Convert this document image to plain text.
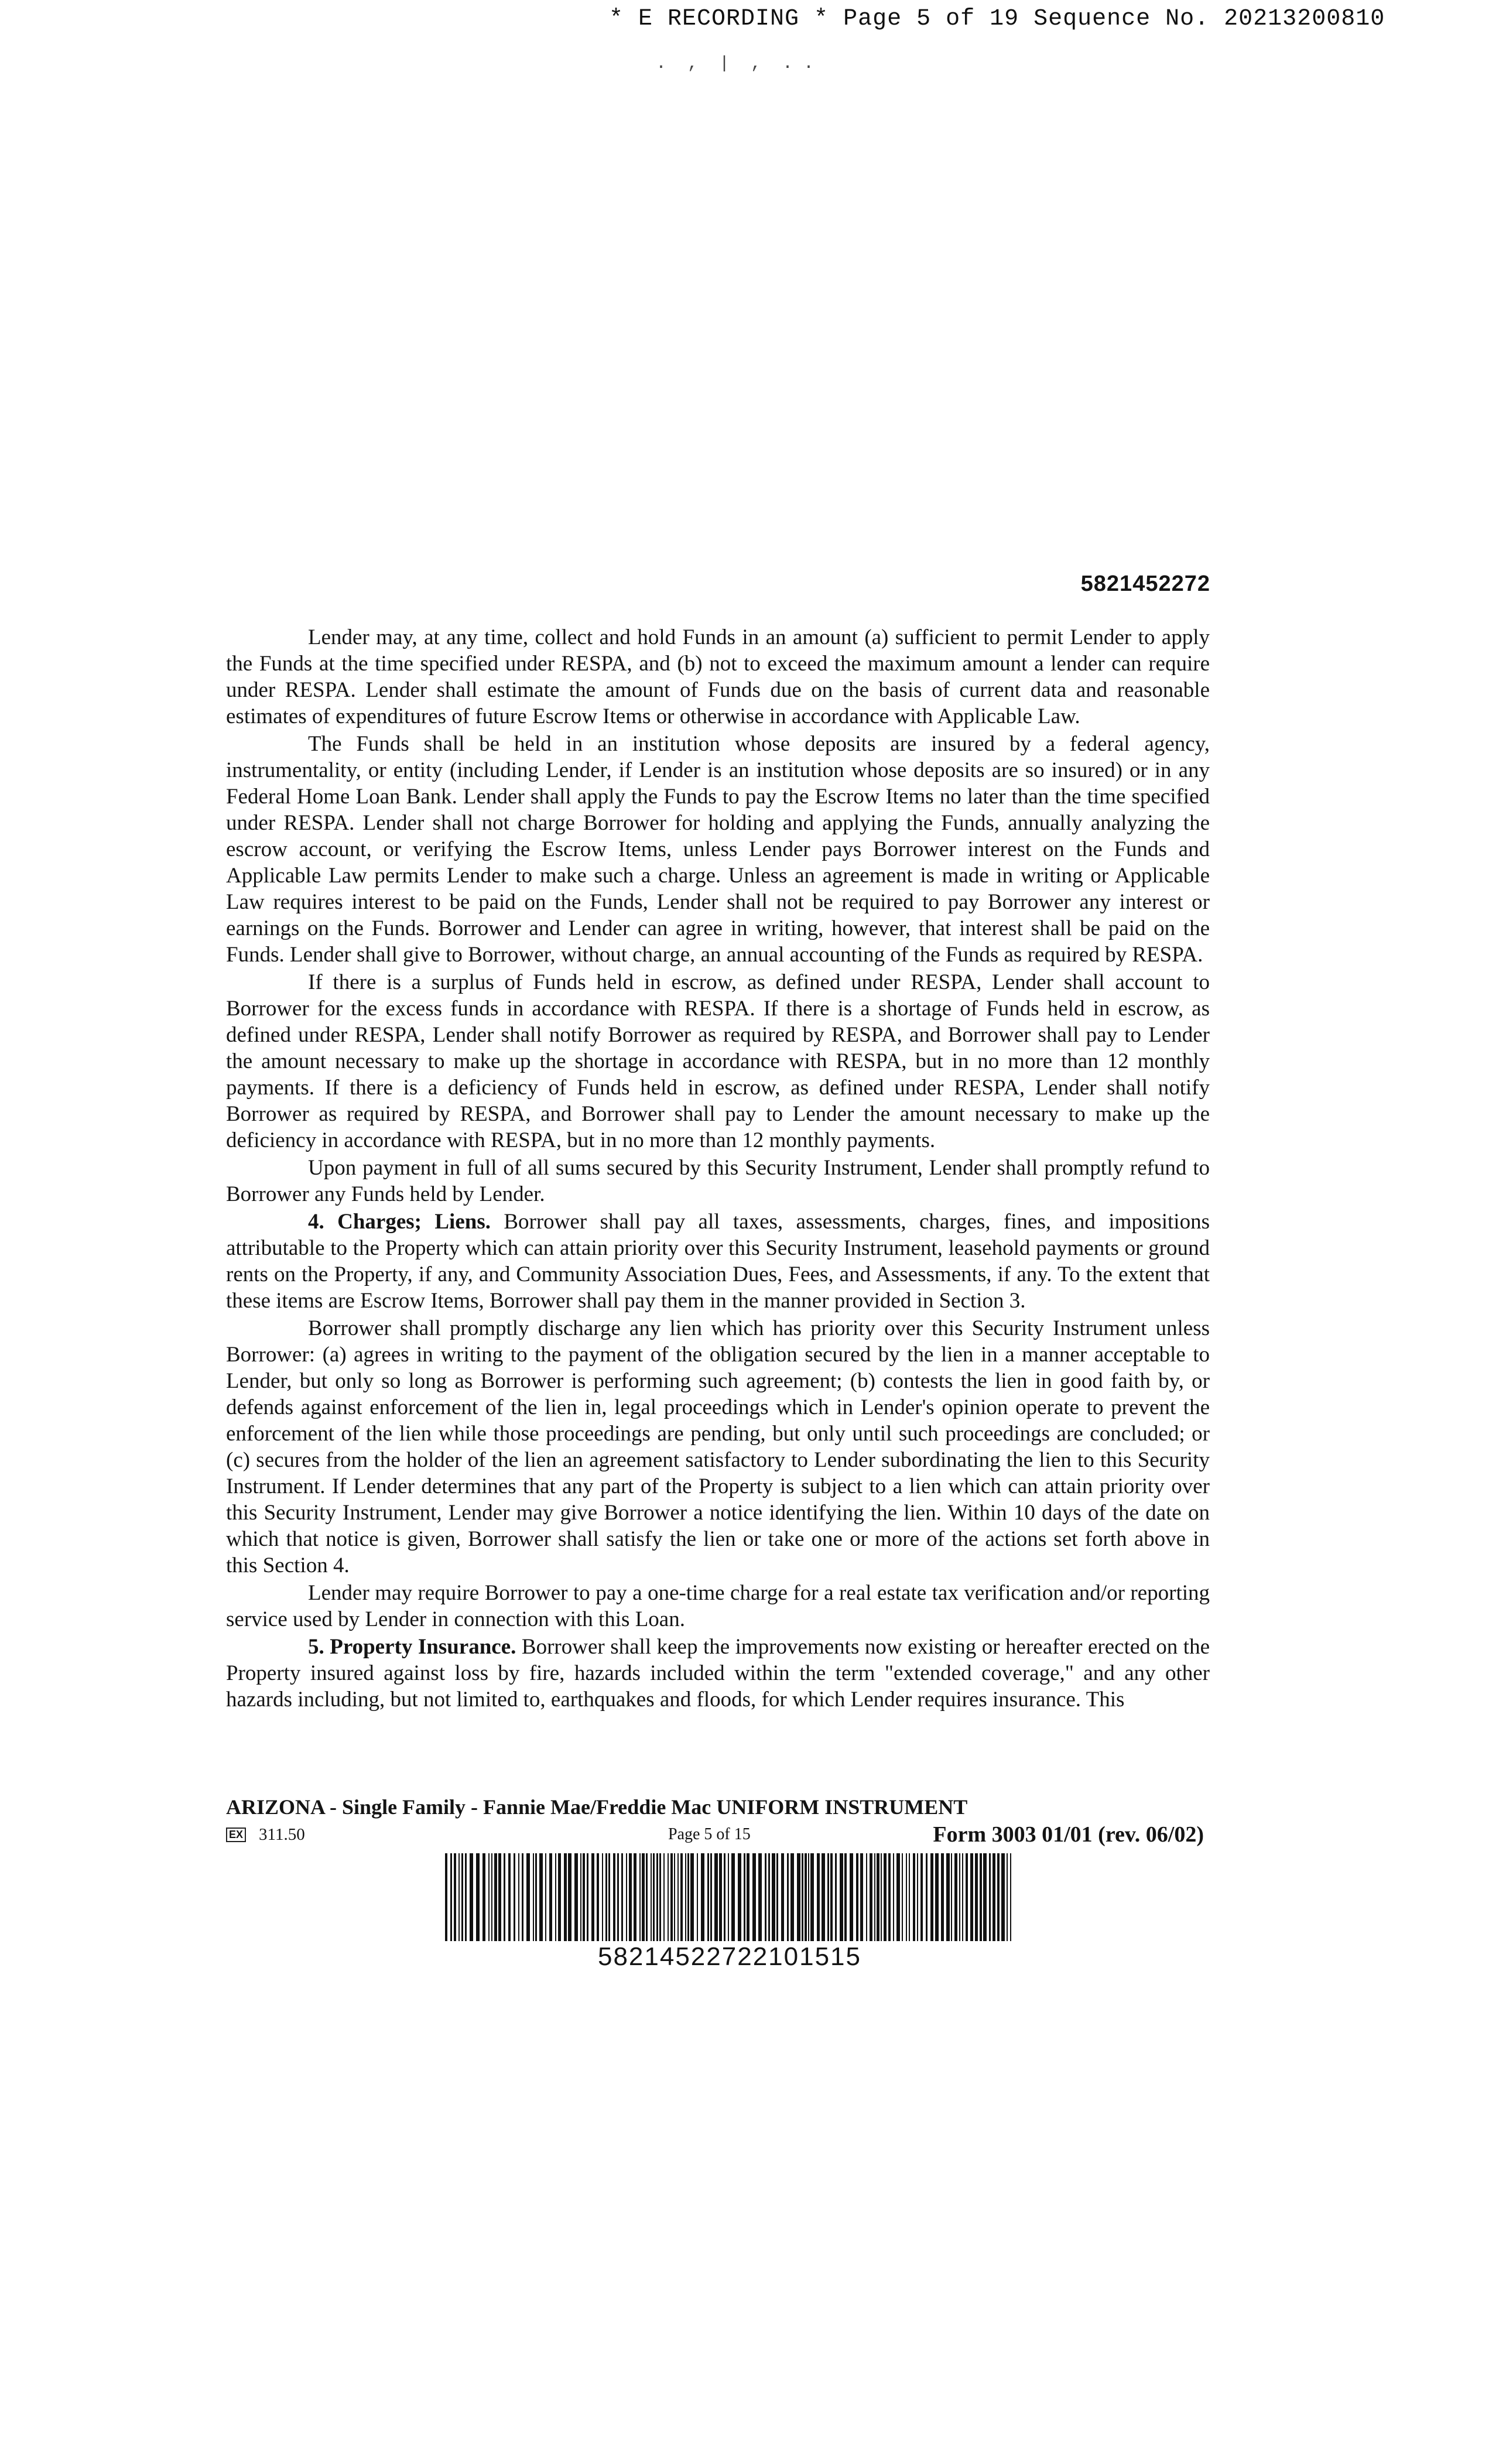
* E RECORDING * Page 5 of 19 Sequence No. 20213200810
.  ,  |  ,  . .
5821452272

Lender may, at any time, collect and hold Funds in an amount (a) sufficient to permit Lender to apply the Funds at the time specified under RESPA, and (b) not to exceed the maximum amount a lender can require under RESPA. Lender shall estimate the amount of Funds due on the basis of current data and reasonable estimates of expenditures of future Escrow Items or otherwise in accordance with Applicable Law.

The Funds shall be held in an institution whose deposits are insured by a federal agency, instrumentality, or entity (including Lender, if Lender is an institution whose deposits are so insured) or in any Federal Home Loan Bank. Lender shall apply the Funds to pay the Escrow Items no later than the time specified under RESPA. Lender shall not charge Borrower for holding and applying the Funds, annually analyzing the escrow account, or verifying the Escrow Items, unless Lender pays Borrower interest on the Funds and Applicable Law permits Lender to make such a charge. Unless an agreement is made in writing or Applicable Law requires interest to be paid on the Funds, Lender shall not be required to pay Borrower any interest or earnings on the Funds. Borrower and Lender can agree in writing, however, that interest shall be paid on the Funds. Lender shall give to Borrower, without charge, an annual accounting of the Funds as required by RESPA.

If there is a surplus of Funds held in escrow, as defined under RESPA, Lender shall account to Borrower for the excess funds in accordance with RESPA. If there is a shortage of Funds held in escrow, as defined under RESPA, Lender shall notify Borrower as required by RESPA, and Borrower shall pay to Lender the amount necessary to make up the shortage in accordance with RESPA, but in no more than 12 monthly payments. If there is a deficiency of Funds held in escrow, as defined under RESPA, Lender shall notify Borrower as required by RESPA, and Borrower shall pay to Lender the amount necessary to make up the deficiency in accordance with RESPA, but in no more than 12 monthly payments.

Upon payment in full of all sums secured by this Security Instrument, Lender shall promptly refund to Borrower any Funds held by Lender.

4. Charges; Liens. Borrower shall pay all taxes, assessments, charges, fines, and impositions attributable to the Property which can attain priority over this Security Instrument, leasehold payments or ground rents on the Property, if any, and Community Association Dues, Fees, and Assessments, if any. To the extent that these items are Escrow Items, Borrower shall pay them in the manner provided in Section 3.

Borrower shall promptly discharge any lien which has priority over this Security Instrument unless Borrower: (a) agrees in writing to the payment of the obligation secured by the lien in a manner acceptable to Lender, but only so long as Borrower is performing such agreement; (b) contests the lien in good faith by, or defends against enforcement of the lien in, legal proceedings which in Lender's opinion operate to prevent the enforcement of the lien while those proceedings are pending, but only until such proceedings are concluded; or (c) secures from the holder of the lien an agreement satisfactory to Lender subordinating the lien to this Security Instrument. If Lender determines that any part of the Property is subject to a lien which can attain priority over this Security Instrument, Lender may give Borrower a notice identifying the lien. Within 10 days of the date on which that notice is given, Borrower shall satisfy the lien or take one or more of the actions set forth above in this Section 4.

Lender may require Borrower to pay a one-time charge for a real estate tax verification and/or reporting service used by Lender in connection with this Loan.

5. Property Insurance. Borrower shall keep the improvements now existing or hereafter erected on the Property insured against loss by fire, hazards included within the term "extended coverage," and any other hazards including, but not limited to, earthquakes and floods, for which Lender requires insurance. This

ARIZONA - Single Family - Fannie Mae/Freddie Mac UNIFORM INSTRUMENT
EX 311.50	Page 5 of 15	Form 3003 01/01 (rev. 06/02)
58214522722101515
